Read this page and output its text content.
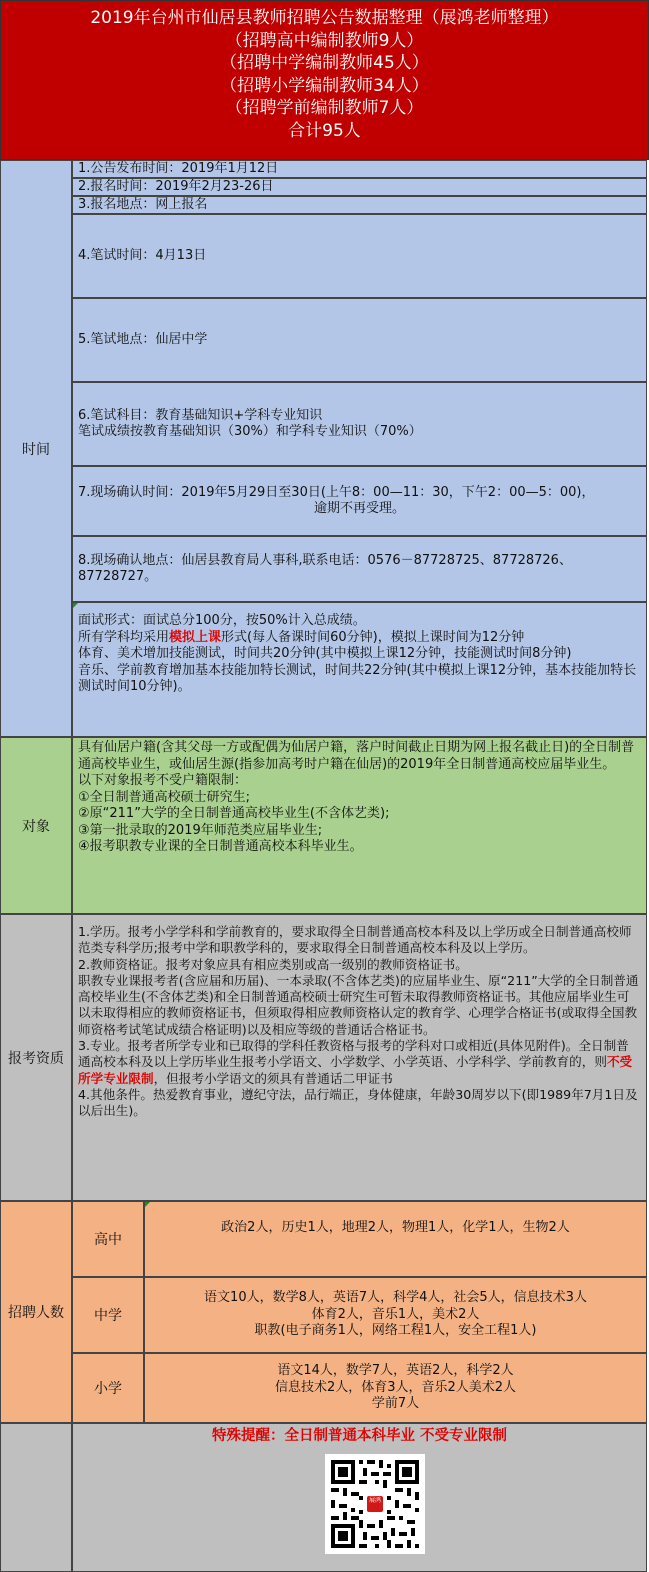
2019年台州市仙居县教师招聘公告数据整理（展鸿老师整理）
（招聘高中编制教师9人）
（招聘中学编制教师45人）
（招聘小学编制教师34人）
（招聘学前编制教师7人）
合计95人
时间
1.公告发布时间：2019年1月12日
2.报名时间：2019年2月23-26日
3.报名地点：网上报名
4.笔试时间：4月13日
5.笔试地点：仙居中学
6.笔试科目：教育基础知识+学科专业知识
笔试成绩按教育基础知识（30%）和学科专业知识（70%）
7.现场确认时间：2019年5月29日至30日(上午8：00—11：30，下午2：00—5：00)，
逾期不再受理。
8.现场确认地点：仙居县教育局人事科,联系电话：0576－87728725、87728726、87728727。
面试形式：面试总分100分，按50%计入总成绩。
所有学科均采用模拟上课形式(每人备课时间60分钟)，模拟上课时间为12分钟
体育、美术增加技能测试，时间共20分钟(其中模拟上课12分钟，技能测试时间8分钟)
音乐、学前教育增加基本技能加特长测试，时间共22分钟(其中模拟上课12分钟，基本技能加特长测试时间10分钟)。
对象
具有仙居户籍(含其父母一方或配偶为仙居户籍，落户时间截止日期为网上报名截止日)的全日制普通高校毕业生，或仙居生源(指参加高考时户籍在仙居)的2019年全日制普通高校应届毕业生。
以下对象报考不受户籍限制：
①全日制普通高校硕士研究生;
②原“211”大学的全日制普通高校毕业生(不含体艺类);
③第一批录取的2019年师范类应届毕业生;
④报考职教专业课的全日制普通高校本科毕业生。
报考资质
1.学历。报考小学学科和学前教育的，要求取得全日制普通高校本科及以上学历或全日制普通高校师范类专科学历;报考中学和职教学科的，要求取得全日制普通高校本科及以上学历。
2.教师资格证。报考对象应具有相应类别或高一级别的教师资格证书。
职教专业课报考者(含应届和历届)、一本录取(不含体艺类)的应届毕业生、原“211”大学的全日制普通高校毕业生(不含体艺类)和全日制普通高校硕士研究生可暂未取得教师资格证书。其他应届毕业生可以未取得相应的教师资格证书，但须取得相应教师资格认定的教育学、心理学合格证书(或取得全国教师资格考试笔试成绩合格证明)以及相应等级的普通话合格证书。
3.专业。报考者所学专业和已取得的学科任教资格与报考的学科对口或相近(具体见附件)。全日制普通高校本科及以上学历毕业生报考小学语文、小学数学、小学英语、小学科学、学前教育的，则不受所学专业限制，但报考小学语文的须具有普通话二甲证书
4.其他条件。热爱教育事业，遵纪守法，品行端正，身体健康，年龄30周岁以下(即1989年7月1日及以后出生)。
招聘人数
高中
政治2人，历史1人，地理2人，物理1人，化学1人，生物2人
中学
语文10人，数学8人，英语7人，科学4人，社会5人，信息技术3人
体育2人，音乐1人，美术2人
职教(电子商务1人，网络工程1人，安全工程1人)
小学
语文14人，数学7人，英语2人，科学2人
信息技术2人，体育3人，音乐2人美术2人
学前7人
特殊提醒：全日制普通本科毕业 不受专业限制
展鸿
